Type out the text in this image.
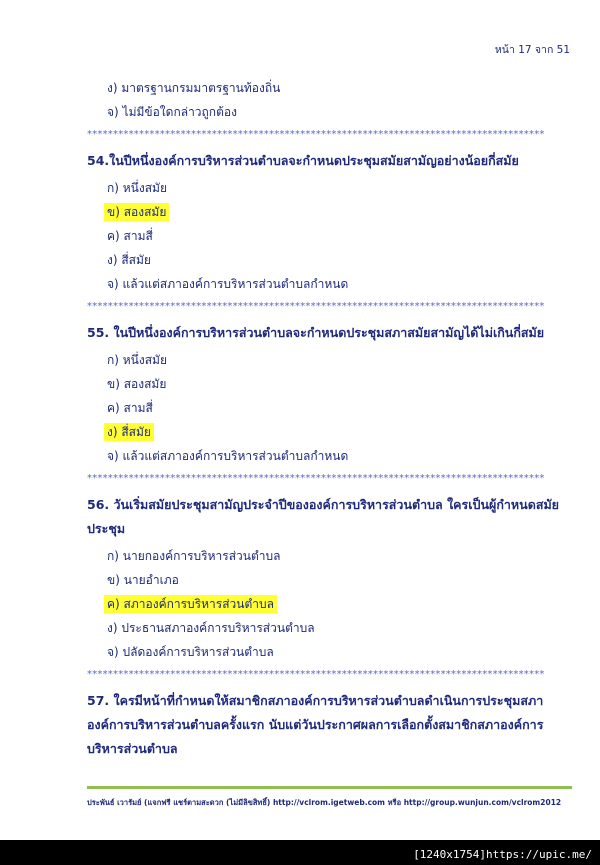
หน้า 17 จาก 51
ง) มาตรฐานกรมมาตรฐานท้องถิ่น
จ) ไม่มีข้อใดกล่าวถูกต้อง
****************************************************************************************
54.ในปีหนึ่งองค์การบริหารส่วนตำบลจะกำหนดประชุมสมัยสามัญอย่างน้อยกี่สมัย
ก) หนึ่งสมัย
ข) สองสมัย
ค) สามสี่
ง) สี่สมัย
จ) แล้วแต่สภาองค์การบริหารส่วนตำบลกำหนด
****************************************************************************************
55. ในปีหนึ่งองค์การบริหารส่วนตำบลจะกำหนดประชุมสภาสมัยสามัญได้ไม่เกินกี่สมัย
ก) หนึ่งสมัย
ข) สองสมัย
ค) สามสี่
ง) สี่สมัย
จ) แล้วแต่สภาองค์การบริหารส่วนตำบลกำหนด
****************************************************************************************
56. วันเริ่มสมัยประชุมสามัญประจำปีขององค์การบริหารส่วนตำบล ใครเป็นผู้กำหนดสมัยประชุม
ก) นายกองค์การบริหารส่วนตำบล
ข) นายอำเภอ
ค) สภาองค์การบริหารส่วนตำบล
ง) ประธานสภาองค์การบริหารส่วนตำบล
จ) ปลัดองค์การบริหารส่วนตำบล
****************************************************************************************
57. ใครมีหน้าที่กำหนดให้สมาชิกสภาองค์การบริหารส่วนตำบลดำเนินการประชุมสภาองค์การบริหารส่วนตำบลครั้งแรก นับแต่วันประกาศผลการเลือกตั้งสมาชิกสภาองค์การบริหารส่วนตำบล
ประพันธ์ เวารัมย์ (แจกฟรี แชร์ตามสะดวก (ไม่มีลิขสิทธิ์) http://vclrom.igetweb.com หรือ http://group.wunjun.com/vclrom2012
[1240x1754]https://upic.me/
